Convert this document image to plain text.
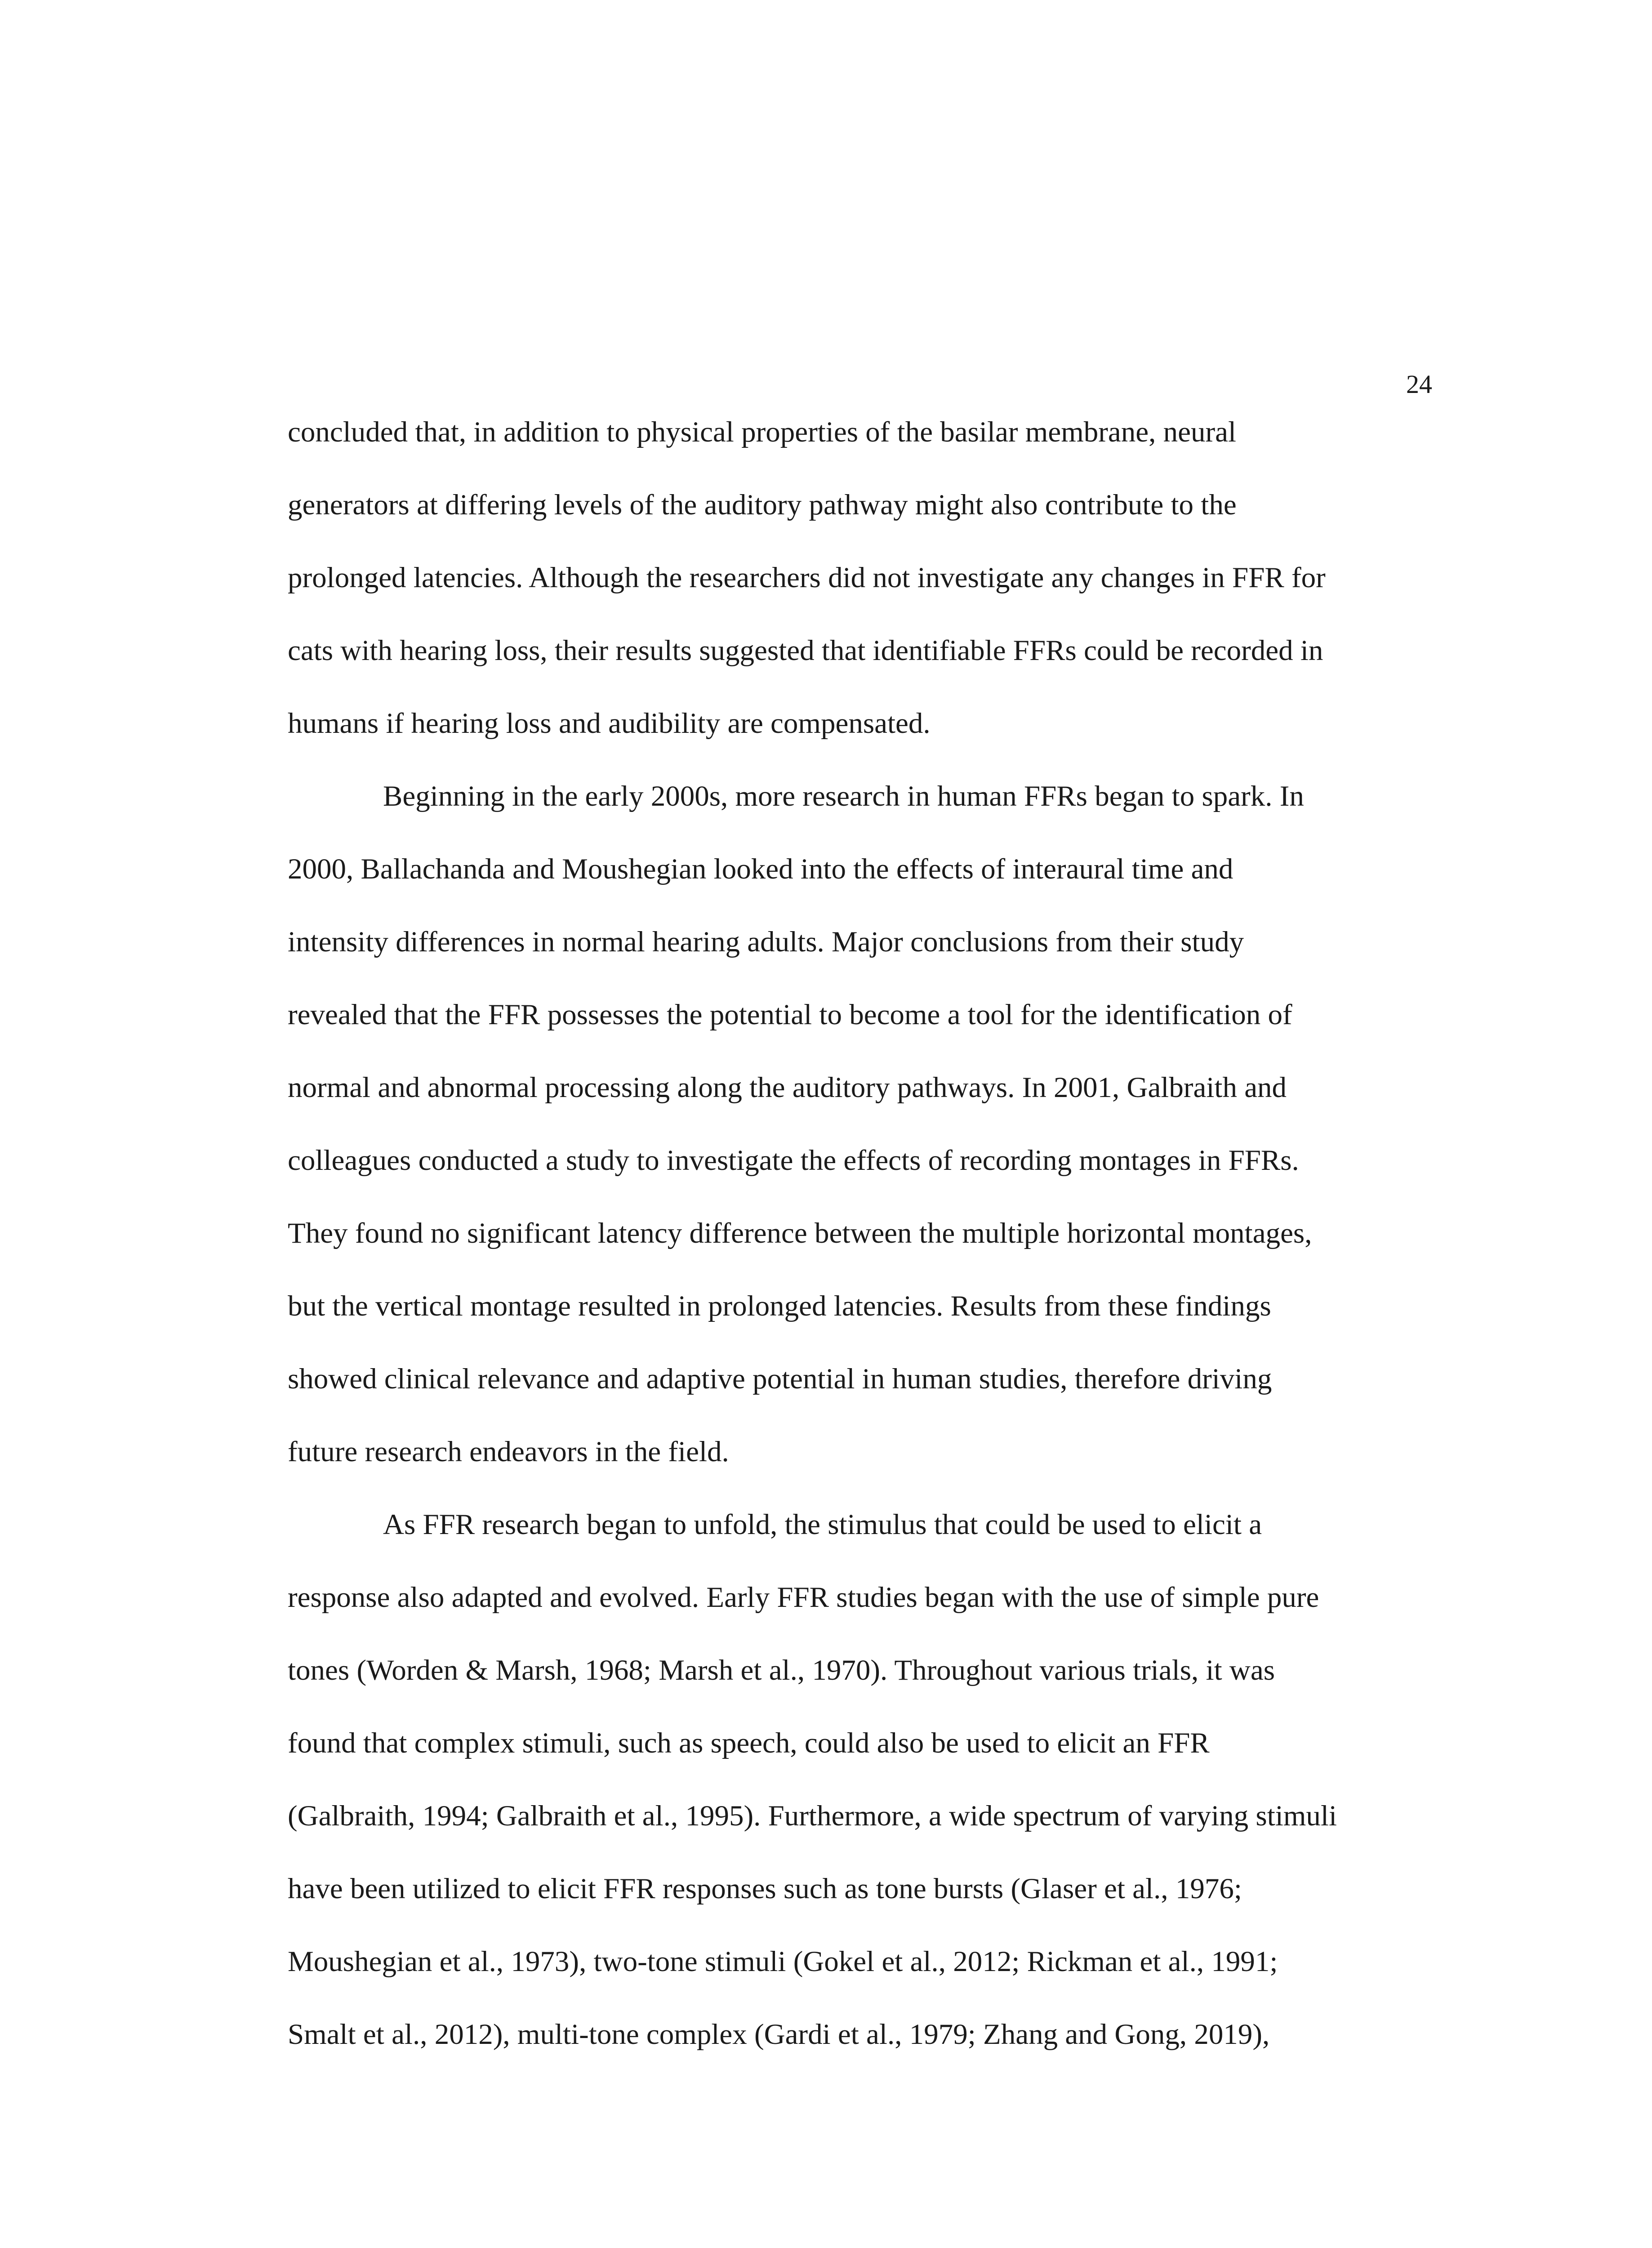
24

concluded that, in addition to physical properties of the basilar membrane, neural

generators at differing levels of the auditory pathway might also contribute to the

prolonged latencies. Although the researchers did not investigate any changes in FFR for

cats with hearing loss, their results suggested that identifiable FFRs could be recorded in

humans if hearing loss and audibility are compensated.

Beginning in the early 2000s, more research in human FFRs began to spark. In

2000, Ballachanda and Moushegian looked into the effects of interaural time and

intensity differences in normal hearing adults. Major conclusions from their study

revealed that the FFR possesses the potential to become a tool for the identification of

normal and abnormal processing along the auditory pathways. In 2001, Galbraith and

colleagues conducted a study to investigate the effects of recording montages in FFRs.

They found no significant latency difference between the multiple horizontal montages,

but the vertical montage resulted in prolonged latencies. Results from these findings

showed clinical relevance and adaptive potential in human studies, therefore driving

future research endeavors in the field.

As FFR research began to unfold, the stimulus that could be used to elicit a

response also adapted and evolved. Early FFR studies began with the use of simple pure

tones (Worden & Marsh, 1968; Marsh et al., 1970). Throughout various trials, it was

found that complex stimuli, such as speech, could also be used to elicit an FFR

(Galbraith, 1994; Galbraith et al., 1995). Furthermore, a wide spectrum of varying stimuli

have been utilized to elicit FFR responses such as tone bursts (Glaser et al., 1976;

Moushegian et al., 1973), two-tone stimuli (Gokel et al., 2012; Rickman et al., 1991;

Smalt et al., 2012), multi-tone complex (Gardi et al., 1979; Zhang and Gong, 2019),
